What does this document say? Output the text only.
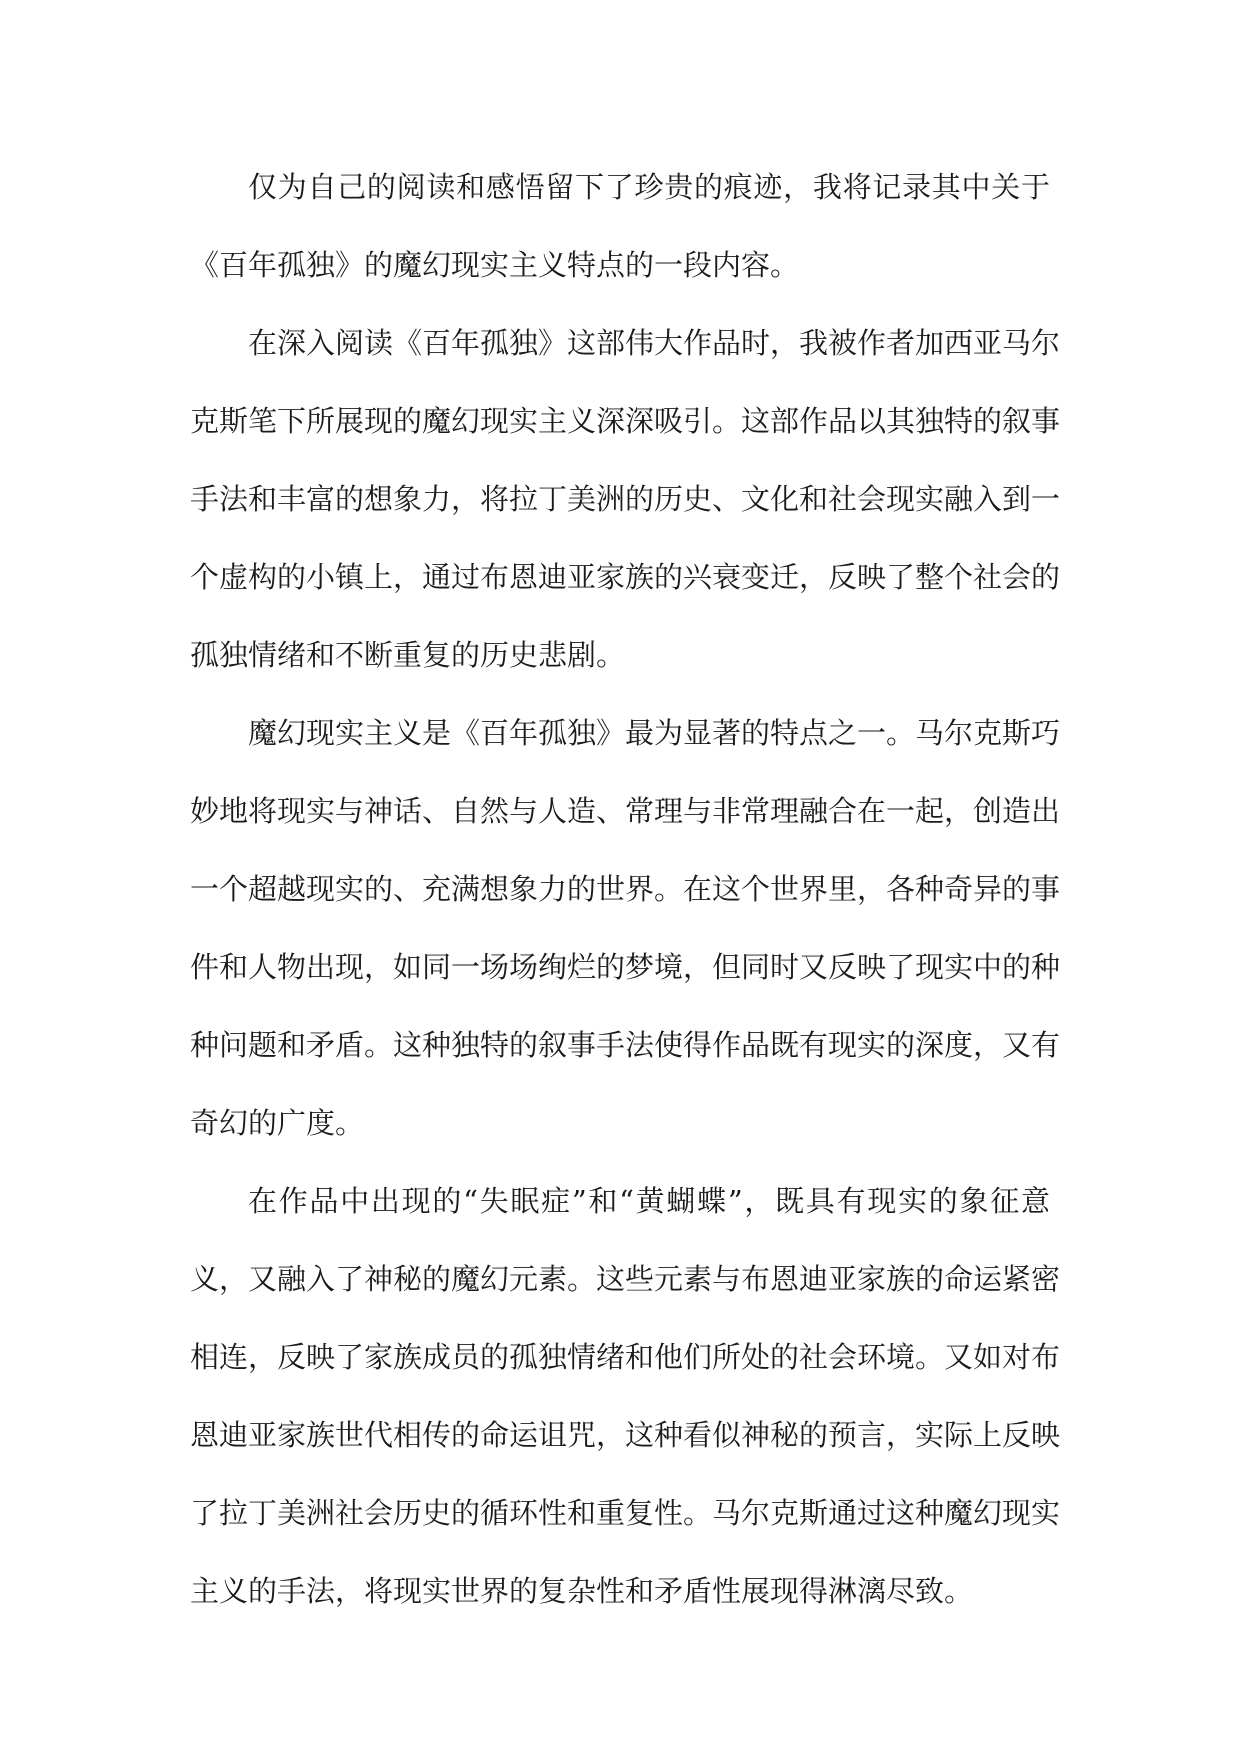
仅为自己的阅读和感悟留下了珍贵的痕迹，我将记录其中关于
《百年孤独》的魔幻现实主义特点的一段内容。
在深入阅读《百年孤独》这部伟大作品时，我被作者加西亚马尔
克斯笔下所展现的魔幻现实主义深深吸引。这部作品以其独特的叙事
手法和丰富的想象力，将拉丁美洲的历史、文化和社会现实融入到一
个虚构的小镇上，通过布恩迪亚家族的兴衰变迁，反映了整个社会的
孤独情绪和不断重复的历史悲剧。
魔幻现实主义是《百年孤独》最为显著的特点之一。马尔克斯巧
妙地将现实与神话、自然与人造、常理与非常理融合在一起，创造出
一个超越现实的、充满想象力的世界。在这个世界里，各种奇异的事
件和人物出现，如同一场场绚烂的梦境，但同时又反映了现实中的种
种问题和矛盾。这种独特的叙事手法使得作品既有现实的深度，又有
奇幻的广度。
在作品中出现的“失眠症”和“黄蝴蝶”，既具有现实的象征意
义，又融入了神秘的魔幻元素。这些元素与布恩迪亚家族的命运紧密
相连，反映了家族成员的孤独情绪和他们所处的社会环境。又如对布
恩迪亚家族世代相传的命运诅咒，这种看似神秘的预言，实际上反映
了拉丁美洲社会历史的循环性和重复性。马尔克斯通过这种魔幻现实
主义的手法，将现实世界的复杂性和矛盾性展现得淋漓尽致。
